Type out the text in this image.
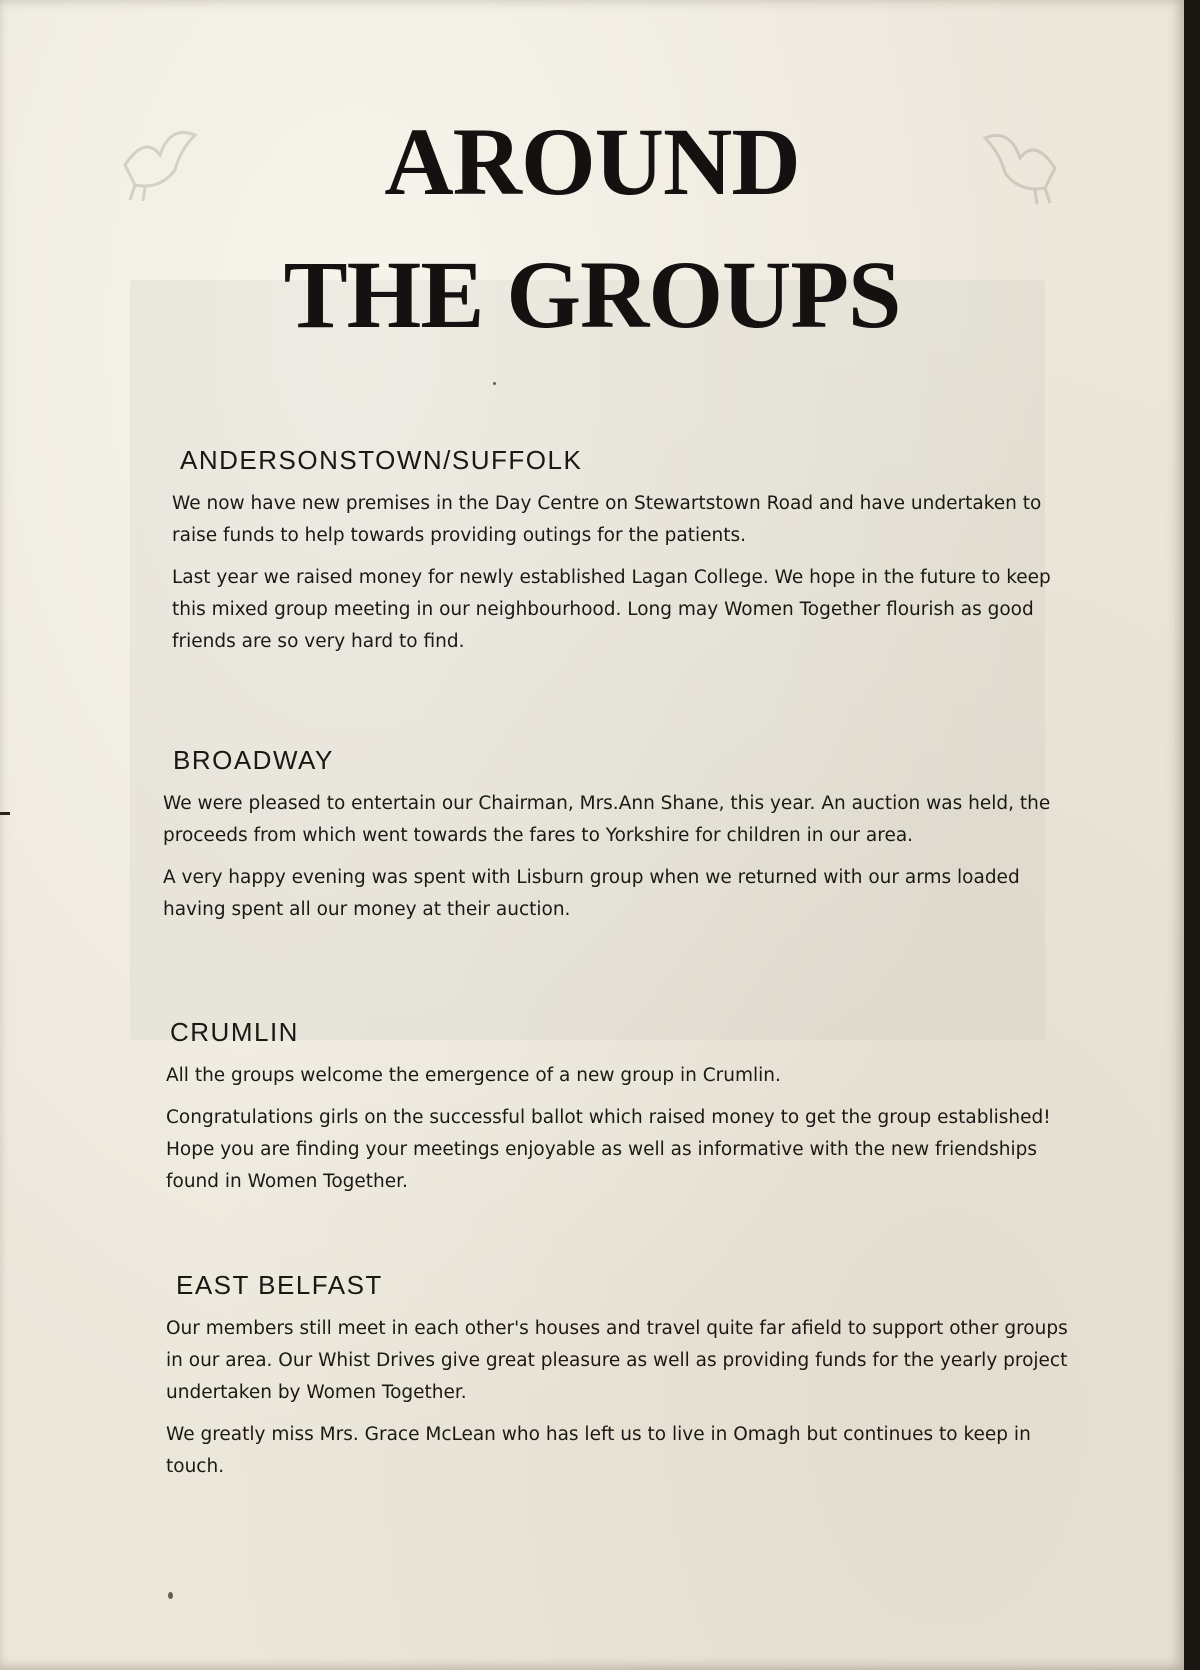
AROUND
THE GROUPS
ANDERSONSTOWN/SUFFOLK

We now have new premises in the Day Centre on Stewartstown Road and have undertaken to raise funds to help towards providing outings for the patients.

Last year we raised money for newly established Lagan College. We hope in the future to keep this mixed group meeting in our neighbourhood. Long may Women Together flourish as good friends are so very hard to find.

BROADWAY

We were pleased to entertain our Chairman, Mrs.Ann Shane, this year. An auction was held, the proceeds from which went towards the fares to Yorkshire for children in our area.

A very happy evening was spent with Lisburn group when we returned with our arms loaded having spent all our money at their auction.

CRUMLIN

All the groups welcome the emergence of a new group in Crumlin.

Congratulations girls on the successful ballot which raised money to get the group established! Hope you are finding your meetings enjoyable as well as informative with the new friendships found in Women Together.

EAST BELFAST

Our members still meet in each other's houses and travel quite far afield to support other groups in our area. Our Whist Drives give great pleasure as well as providing funds for the yearly project undertaken by Women Together.

We greatly miss Mrs. Grace McLean who has left us to live in Omagh but continues to keep in touch.
